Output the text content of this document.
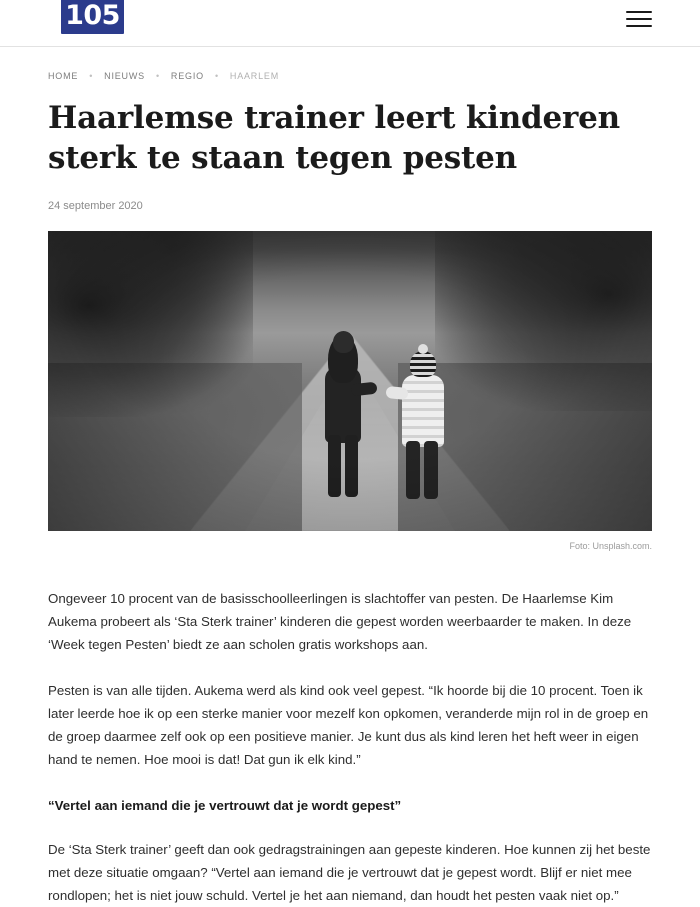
105
HOME	•	NIEUWS	•	REGIO	•	HAARLEM
Haarlemse trainer leert kinderen sterk te staan tegen pesten
24 september 2020
Foto: Unsplash.com.

Ongeveer 10 procent van de basisschoolleerlingen is slachtoffer van pesten. De Haarlemse Kim Aukema probeert als ‘Sta Sterk trainer’ kinderen die gepest worden weerbaarder te maken. In deze ‘Week tegen Pesten’ biedt ze aan scholen gratis workshops aan.

Pesten is van alle tijden. Aukema werd als kind ook veel gepest. “Ik hoorde bij die 10 procent. Toen ik later leerde hoe ik op een sterke manier voor mezelf kon opkomen, veranderde mijn rol in de groep en de groep daarmee zelf ook op een positieve manier. Je kunt dus als kind leren het heft weer in eigen hand te nemen. Hoe mooi is dat! Dat gun ik elk kind.”

“Vertel aan iemand die je vertrouwt dat je wordt gepest”

De ‘Sta Sterk trainer’ geeft dan ook gedragstrainingen aan gepeste kinderen. Hoe kunnen zij het beste met deze situatie omgaan? “Vertel aan iemand die je vertrouwt dat je gepest wordt. Blijf er niet mee rondlopen; het is niet jouw schuld. Vertel je het aan niemand, dan houdt het pesten vaak niet op.”
